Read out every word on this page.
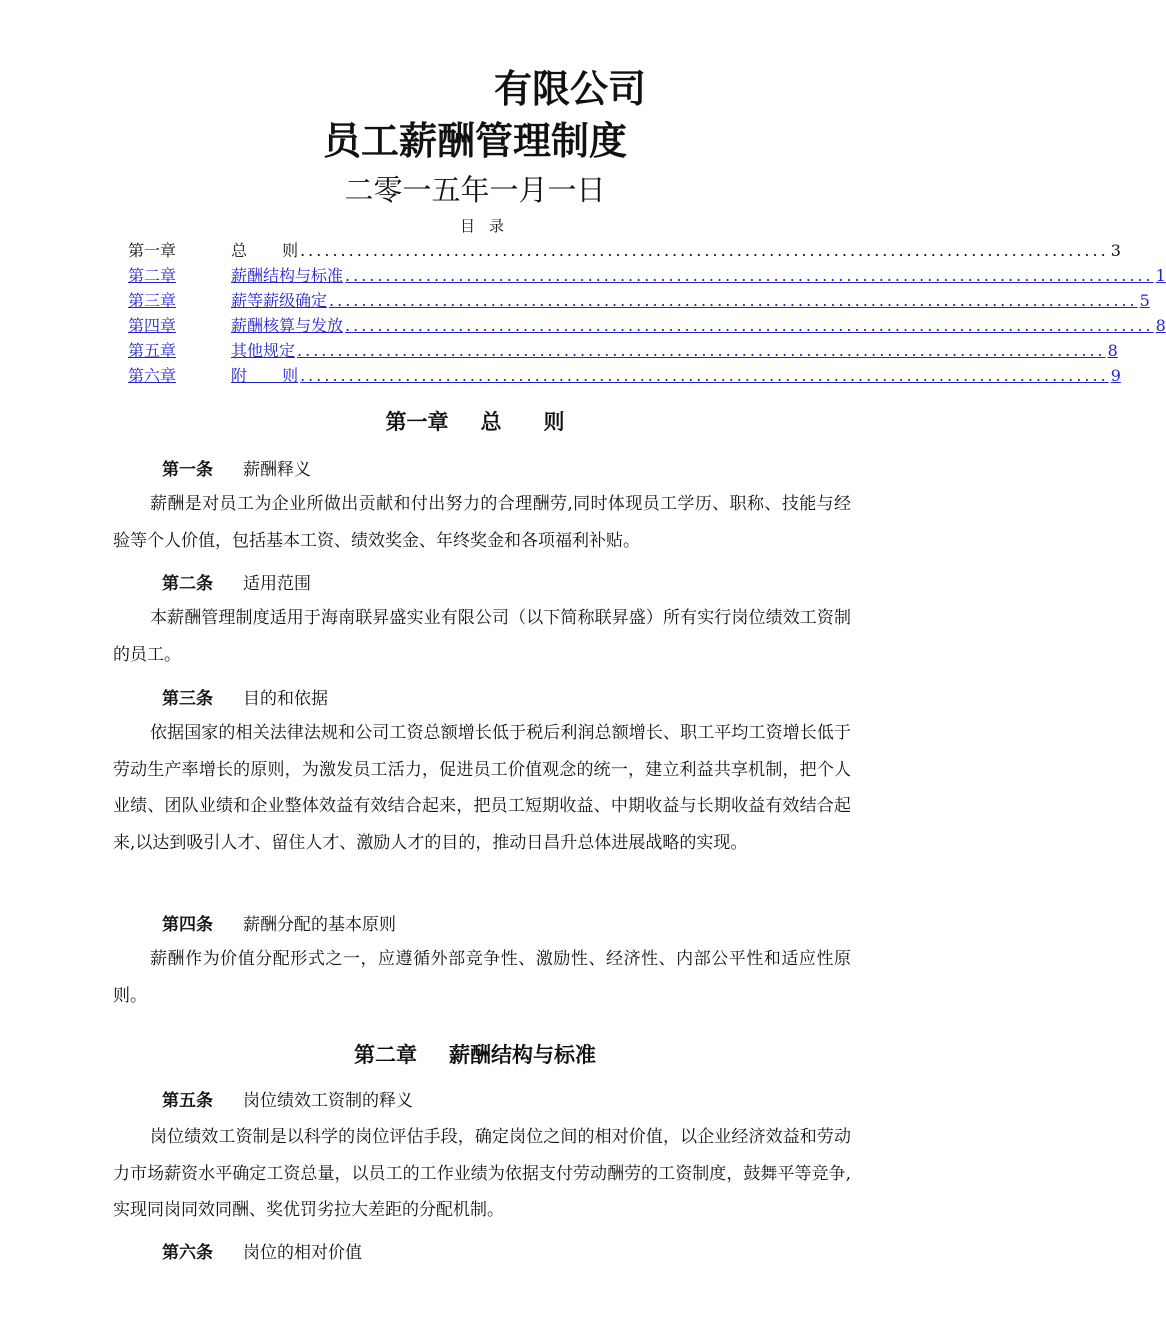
有限公司
员工薪酬管理制度
二零一五年一月一日
目录
第一章	总 则 .................................................................................................... 3
第二章	薪酬结构与标准 .................................................................................................... 1
第三章	薪等薪级确定 .................................................................................................... 5
第四章	薪酬核算与发放 .................................................................................................... 8
第五章	其他规定 .................................................................................................... 8
第六章	附 则 .................................................................................................... 9
第一章 总　　则
第一条 薪酬释义
薪酬是对员工为企业所做出贡献和付出努力的合理酬劳,同时体现员工学历、职称、技能与经验等个人价值，包括基本工资、绩效奖金、年终奖金和各项福利补贴。
第二条 适用范围
本薪酬管理制度适用于海南联昇盛实业有限公司（以下简称联昇盛）所有实行岗位绩效工资制的员工。
第三条 目的和依据
依据国家的相关法律法规和公司工资总额增长低于税后利润总额增长、职工平均工资增长低于劳动生产率增长的原则，为激发员工活力，促进员工价值观念的统一，建立利益共享机制，把个人业绩、团队业绩和企业整体效益有效结合起来，把员工短期收益、中期收益与长期收益有效结合起来,以达到吸引人才、留住人才、激励人才的目的，推动日昌升总体进展战略的实现。
第四条 薪酬分配的基本原则
薪酬作为价值分配形式之一，应遵循外部竞争性、激励性、经济性、内部公平性和适应性原则。
第二章 薪酬结构与标准
第五条 岗位绩效工资制的释义
岗位绩效工资制是以科学的岗位评估手段，确定岗位之间的相对价值，以企业经济效益和劳动力市场薪资水平确定工资总量，以员工的工作业绩为依据支付劳动酬劳的工资制度，鼓舞平等竞争,实现同岗同效同酬、奖优罚劣拉大差距的分配机制。
第六条 岗位的相对价值
